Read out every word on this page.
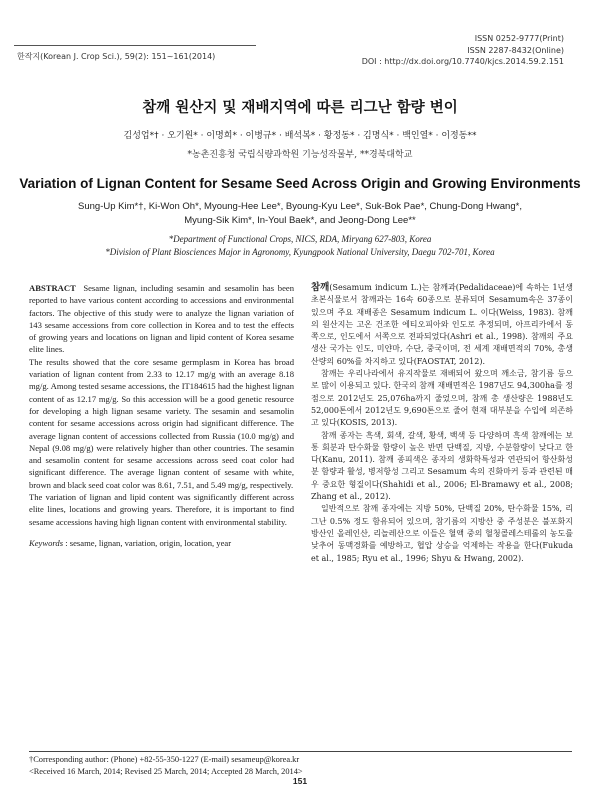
한작지(Korean J. Crop Sci.), 59(2): 151~161(2014)
ISSN 0252-9777(Print)
ISSN 2287-8432(Online)
DOI : http://dx.doi.org/10.7740/kjcs.2014.59.2.151
참깨 원산지 및 재배지역에 따른 리그난 함량 변이
김성업*† · 오기원* · 이명희* · 이병규* · 배석복* · 황정동* · 김명식* · 백인열* · 이정동**
*농촌진흥청 국립식량과학원 기능성작물부, **경북대학교
Variation of Lignan Content for Sesame Seed Across Origin and Growing Environments
Sung-Up Kim*†, Ki-Won Oh*, Myoung-Hee Lee*, Byoung-Kyu Lee*, Suk-Bok Pae*, Chung-Dong Hwang*,
Myung-Sik Kim*, In-Youl Baek*, and Jeong-Dong Lee**
*Department of Functional Crops, NICS, RDA, Miryang 627-803, Korea
*Division of Plant Biosciences Major in Agronomy, Kyungpook National University, Daegu 702-701, Korea

ABSTRACT Sesame lignan, including sesamin and sesamolin has been reported to have various content according to accessions and environmental factors. The objective of this study were to analyze the lignan variation of 143 sesame accessions from core collection in Korea and to test the effects of growing years and locations on lignan and lipid content of Korea sesame elite lines.

The results showed that the core sesame germplasm in Korea has broad variation of lignan content from 2.33 to 12.17 mg/g with an average 8.18 mg/g. Among tested sesame accessions, the IT184615 had the highest lignan content of as 12.17 mg/g. So this accession will be a good genetic resource for developing a high lignan sesame variety. The sesamin and sesamolin content for sesame accessions across origin had significant difference. The average lignan content of accessions collected from Russia (10.0 mg/g) and Nepal (9.08 mg/g) were relatively higher than other countries. The sesamin and sesamolin content for sesame accessions across seed coat color had significant difference. The average lignan content of sesame with white, brown and black seed coat color was 8.61, 7.51, and 5.49 mg/g, respectively.

The variation of lignan and lipid content was significantly different across elite lines, locations and growing years. Therefore, it is important to find sesame accessions having high lignan content with environmental stability.

Keywords : sesame, lignan, variation, origin, location, year

참깨(Sesamum indicum L.)는 참깨과(Pedalidaceae)에 속하는 1년생 초본식물로서 참깨과는 16속 60종으로 분류되며 Sesamum속은 37종이 있으며 주요 재배종은 Sesamum indicum L. 이다(Weiss, 1983). 참깨의 원산지는 고온 건조한 에티오피아와 인도로 추정되며, 아프리카에서 동쪽으로, 인도에서 서쪽으로 전파되었다(Ashri et al., 1998). 참깨의 주요 생산 국가는 인도, 미얀마, 수단, 중국이며, 전 세계 재배면적의 70%, 총생산량의 60%를 차지하고 있다(FAOSTAT, 2012).

참깨는 우리나라에서 유지작물로 재배되어 왔으며 깨소금, 참기름 등으로 많이 이용되고 있다. 한국의 참깨 재배면적은 1987년도 94,300ha를 정점으로 2012년도 25,076ha까지 줄었으며, 참깨 총 생산량은 1988년도 52,000톤에서 2012년도 9,690톤으로 줄어 현재 대부분을 수입에 의존하고 있다(KOSIS, 2013).

참깨 종자는 흑색, 회색, 갈색, 황색, 백색 등 다양하며 흑색 참깨에는 보통 회분과 탄수화물 함량이 높은 반면 단백질, 지방, 수분함량이 낮다고 한다(Kanu, 2011). 참깨 종피색은 종자의 생화학특성과 연관되어 항산화성분 함량과 활성, 병저항성 그리고 Sesamum 속의 진화마커 등과 관련된 매우 중요한 형질이다(Shahidi et al., 2006; El-Bramawy et al., 2008; Zhang et al., 2012).

일반적으로 참깨 종자에는 지방 50%, 단백질 20%, 탄수화물 15%, 리그난 0.5% 정도 함유되어 있으며, 참기름의 지방산 중 주성분은 불포화지방산인 올레인산, 리놀레산으로 이들은 혈액 중의 혈청콜레스테롤의 농도를 낮추어 동맥경화를 예방하고, 협압 상승을 억제하는 작용을 한다(Fukuda et al., 1985; Ryu et al., 1996; Shyu & Hwang, 2002).

†Corresponding author: (Phone) +82-55-350-1227 (E-mail) sesameup@korea.kr

<Received 16 March, 2014; Revised 25 March, 2014; Accepted 28 March, 2014>

151
